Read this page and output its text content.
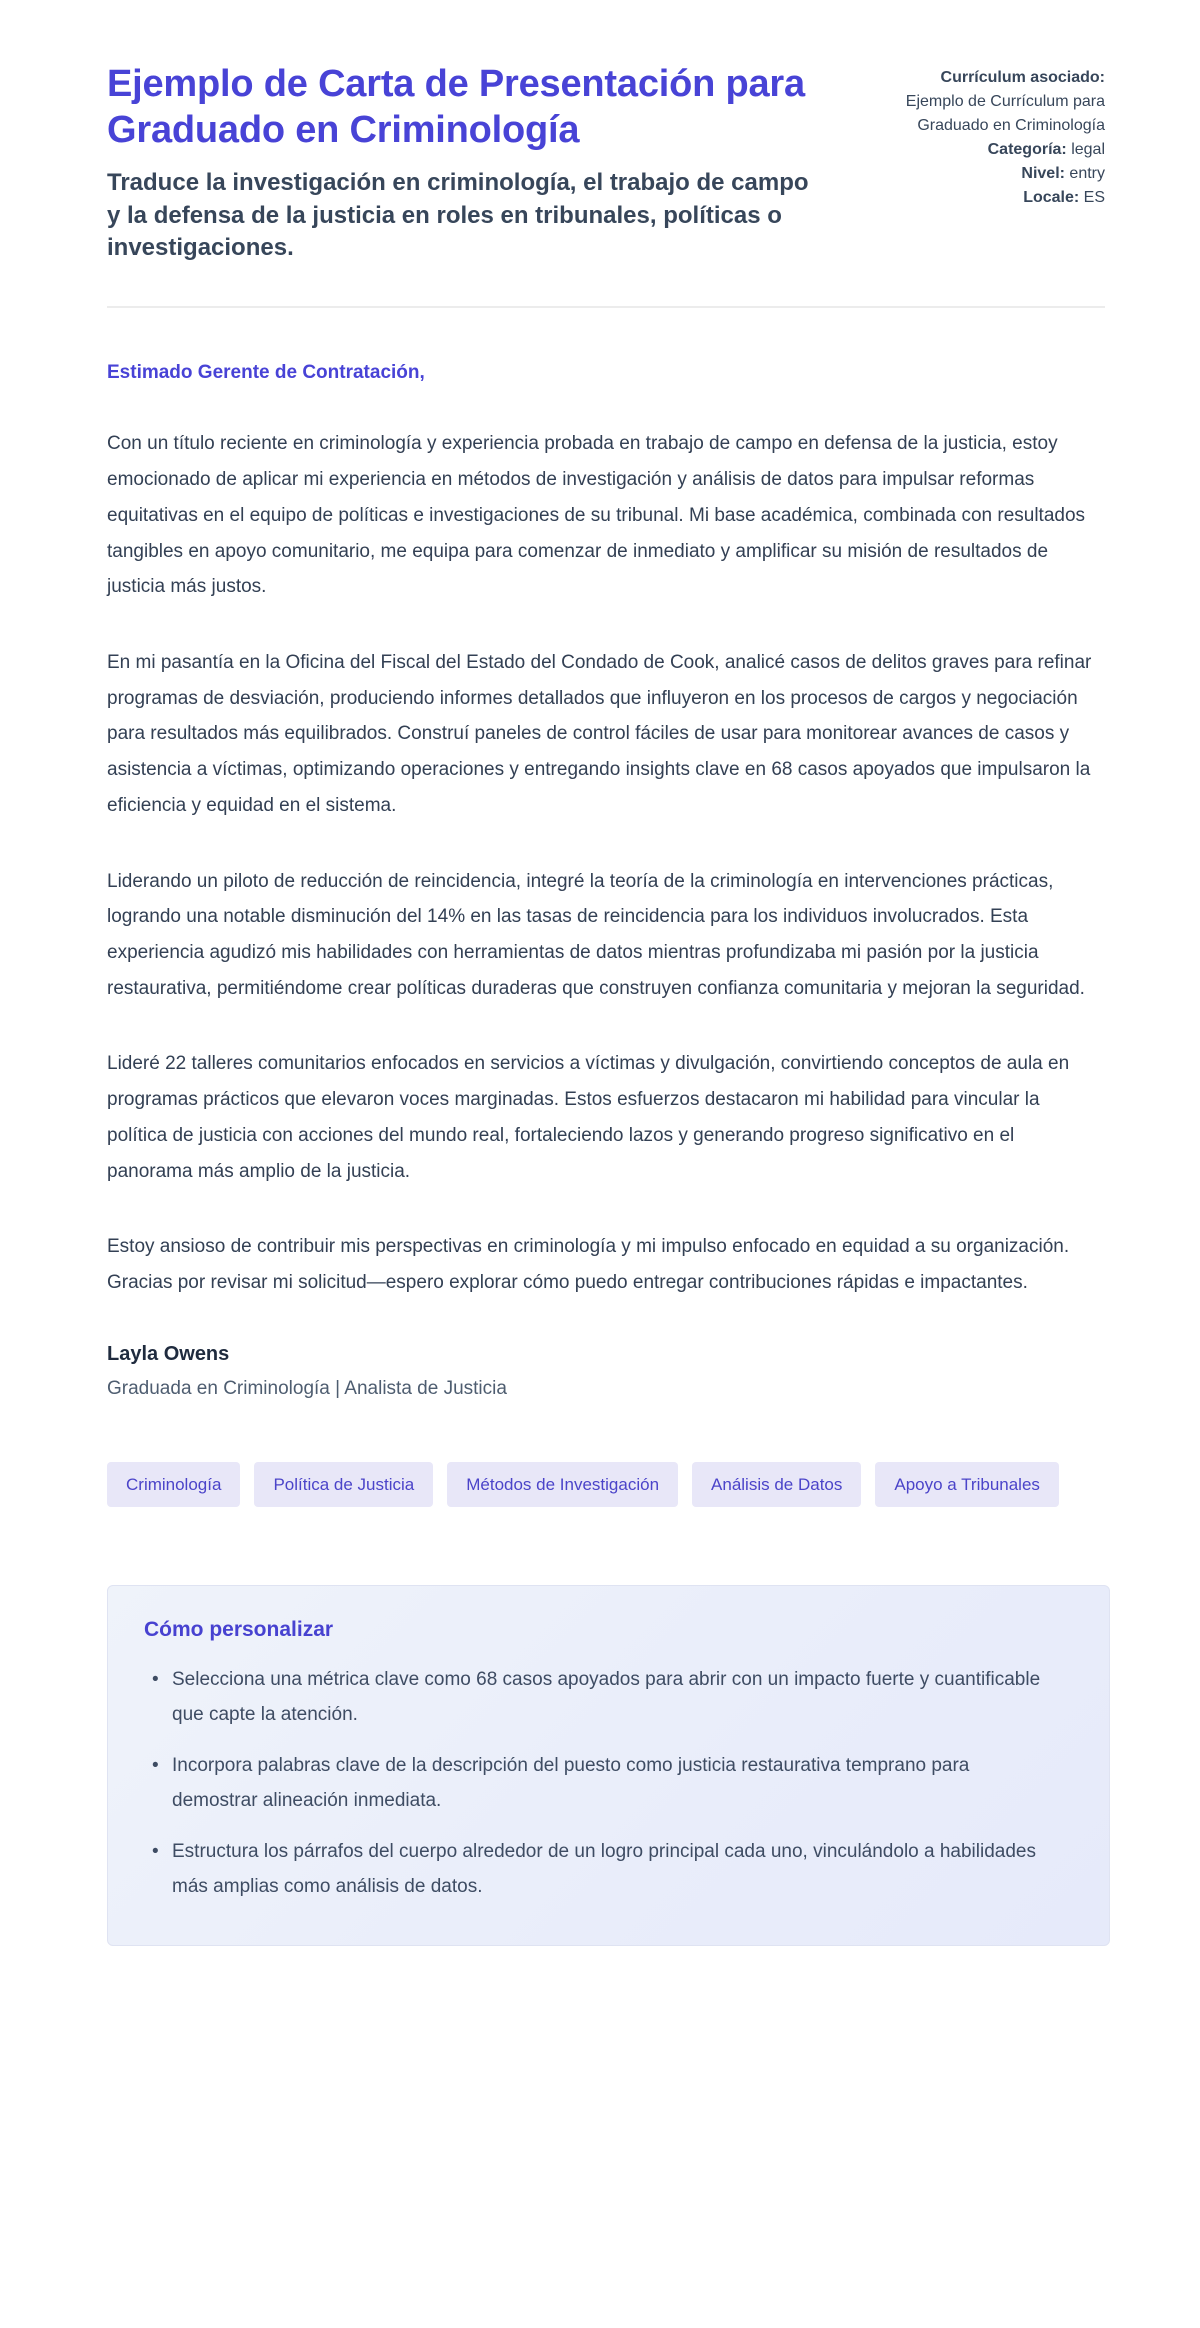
Ejemplo de Carta de Presentación para Graduado en Criminología

Traduce la investigación en criminología, el trabajo de campo y la defensa de la justicia en roles en tribunales, políticas o investigaciones.

Currículum asociado:

Ejemplo de Currículum para Graduado en Criminología

Categoría: legal

Nivel: entry

Locale: ES

Estimado Gerente de Contratación,

Con un título reciente en criminología y experiencia probada en trabajo de campo en defensa de la justicia, estoy emocionado de aplicar mi experiencia en métodos de investigación y análisis de datos para impulsar reformas equitativas en el equipo de políticas e investigaciones de su tribunal. Mi base académica, combinada con resultados tangibles en apoyo comunitario, me equipa para comenzar de inmediato y amplificar su misión de resultados de justicia más justos.

En mi pasantía en la Oficina del Fiscal del Estado del Condado de Cook, analicé casos de delitos graves para refinar programas de desviación, produciendo informes detallados que influyeron en los procesos de cargos y negociación para resultados más equilibrados. Construí paneles de control fáciles de usar para monitorear avances de casos y asistencia a víctimas, optimizando operaciones y entregando insights clave en 68 casos apoyados que impulsaron la eficiencia y equidad en el sistema.

Liderando un piloto de reducción de reincidencia, integré la teoría de la criminología en intervenciones prácticas, logrando una notable disminución del 14% en las tasas de reincidencia para los individuos involucrados. Esta experiencia agudizó mis habilidades con herramientas de datos mientras profundizaba mi pasión por la justicia restaurativa, permitiéndome crear políticas duraderas que construyen confianza comunitaria y mejoran la seguridad.

Lideré 22 talleres comunitarios enfocados en servicios a víctimas y divulgación, convirtiendo conceptos de aula en programas prácticos que elevaron voces marginadas. Estos esfuerzos destacaron mi habilidad para vincular la política de justicia con acciones del mundo real, fortaleciendo lazos y generando progreso significativo en el panorama más amplio de la justicia.

Estoy ansioso de contribuir mis perspectivas en criminología y mi impulso enfocado en equidad a su organización. Gracias por revisar mi solicitud—espero explorar cómo puedo entregar contribuciones rápidas e impactantes.

Layla Owens

Graduada en Criminología | Analista de Justicia

Criminología	Política de Justicia	Métodos de Investigación	Análisis de Datos	Apoyo a Tribunales
Cómo personalizar
• Selecciona una métrica clave como 68 casos apoyados para abrir con un impacto fuerte y cuantificable que capte la atención.
• Incorpora palabras clave de la descripción del puesto como justicia restaurativa temprano para demostrar alineación inmediata.
• Estructura los párrafos del cuerpo alrededor de un logro principal cada uno, vinculándolo a habilidades más amplias como análisis de datos.
